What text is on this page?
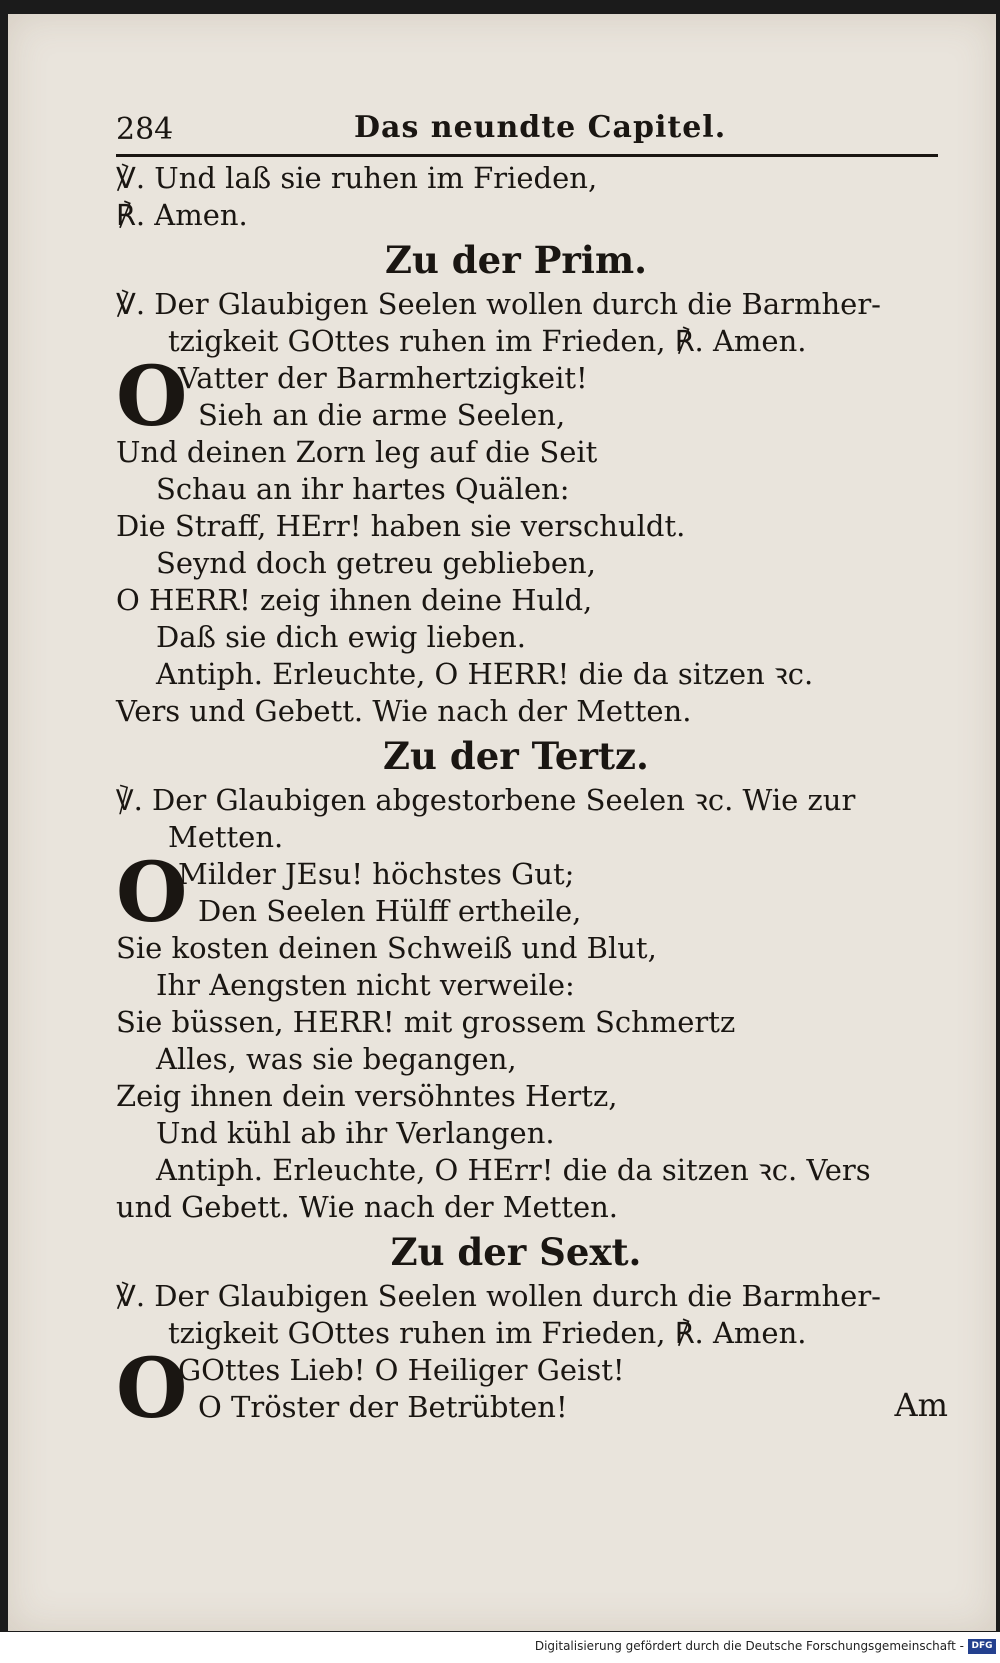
284	Das neundte Capitel.
℣. Und laß sie ruhen im Frieden,
℟. Amen.
Zu der Prim.
℣. Der Glaubigen Seelen wollen durch die Barmher-
tzigkeit GOttes ruhen im Frieden, ℟. Amen.
O
Vatter der Barmhertzigkeit!
Sieh an die arme Seelen,
Und deinen Zorn leg auf die Seit
Schau an ihr hartes Quälen:
Die Straff, HErr! haben sie verschuldt.
Seynd doch getreu geblieben,
O HERR! zeig ihnen deine Huld,
Daß sie dich ewig lieben.
Antiph. Erleuchte, O HERR! die da sitzen ꝛc.
Vers und Gebett. Wie nach der Metten.
Zu der Tertz.
℣. Der Glaubigen abgestorbene Seelen ꝛc. Wie zur
Metten.
O
Milder JEsu! höchstes Gut;
Den Seelen Hülff ertheile,
Sie kosten deinen Schweiß und Blut,
Ihr Aengsten nicht verweile:
Sie büssen, HERR! mit grossem Schmertz
Alles, was sie begangen,
Zeig ihnen dein versöhntes Hertz,
Und kühl ab ihr Verlangen.
Antiph. Erleuchte, O HErr! die da sitzen ꝛc. Vers
und Gebett. Wie nach der Metten.
Zu der Sext.
℣. Der Glaubigen Seelen wollen durch die Barmher-
tzigkeit GOttes ruhen im Frieden, ℟. Amen.
O
GOttes Lieb! O Heiliger Geist!
O Tröster der Betrübten!	Am
Digitalisierung gefördert durch die Deutsche Forschungsgemeinschaft - DFG
